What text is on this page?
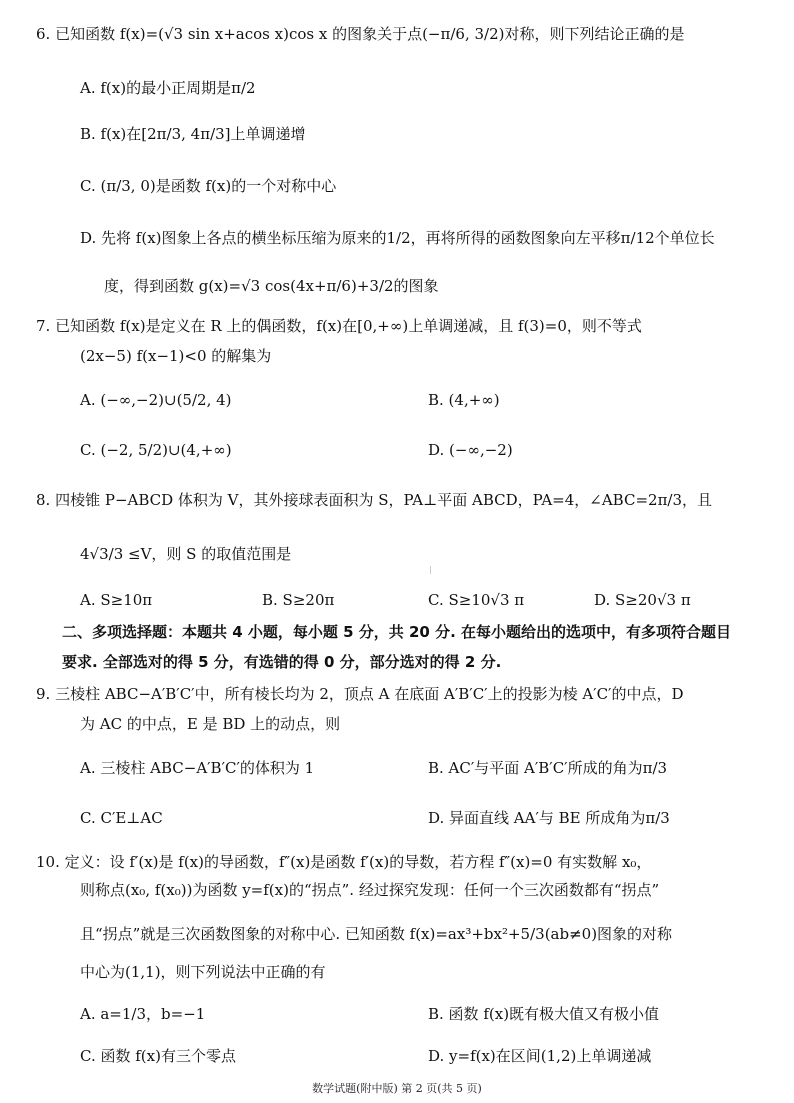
6. 已知函数 f(x)=(√3 sin x+acos x)cos x 的图象关于点(−π/6, 3/2)对称，则下列结论正确的是
A. f(x)的最小正周期是π/2
B. f(x)在[2π/3, 4π/3]上单调递增
C. (π/3, 0)是函数 f(x)的一个对称中心
D. 先将 f(x)图象上各点的横坐标压缩为原来的1/2，再将所得的函数图象向左平移π/12个单位长
度，得到函数 g(x)=√3 cos(4x+π/6)+3/2的图象
7. 已知函数 f(x)是定义在 R 上的偶函数，f(x)在[0,+∞)上单调递减，且 f(3)=0，则不等式
(2x−5) f(x−1)<0 的解集为
A. (−∞,−2)∪(5/2, 4)	B. (4,+∞)
C. (−2, 5/2)∪(4,+∞)	D. (−∞,−2)
8. 四棱锥 P−ABCD 体积为 V，其外接球表面积为 S，PA⊥平面 ABCD，PA=4，∠ABC=2π/3，且
4√3/3 ≤V，则 S 的取值范围是
A. S≥10π	B. S≥20π	C. S≥10√3 π	D. S≥20√3 π
二、多项选择题：本题共 4 小题，每小题 5 分，共 20 分. 在每小题给出的选项中，有多项符合题目
要求. 全部选对的得 5 分，有选错的得 0 分，部分选对的得 2 分.
9. 三棱柱 ABC−A′B′C′中，所有棱长均为 2，顶点 A 在底面 A′B′C′上的投影为棱 A′C′的中点，D
为 AC 的中点，E 是 BD 上的动点，则
A. 三棱柱 ABC−A′B′C′的体积为 1	B. AC′与平面 A′B′C′所成的角为π/3
C. C′E⊥AC	D. 异面直线 AA′与 BE 所成角为π/3
10. 定义：设 f′(x)是 f(x)的导函数，f″(x)是函数 f′(x)的导数，若方程 f″(x)=0 有实数解 x₀，
则称点(x₀, f(x₀))为函数 y=f(x)的“拐点”. 经过探究发现：任何一个三次函数都有“拐点”
且“拐点”就是三次函数图象的对称中心. 已知函数 f(x)=ax³+bx²+5/3(ab≠0)图象的对称
中心为(1,1)，则下列说法中正确的有
A. a=1/3，b=−1	B. 函数 f(x)既有极大值又有极小值
C. 函数 f(x)有三个零点	D. y=f(x)在区间(1,2)上单调递减
数学试题(附中版) 第 2 页(共 5 页)
